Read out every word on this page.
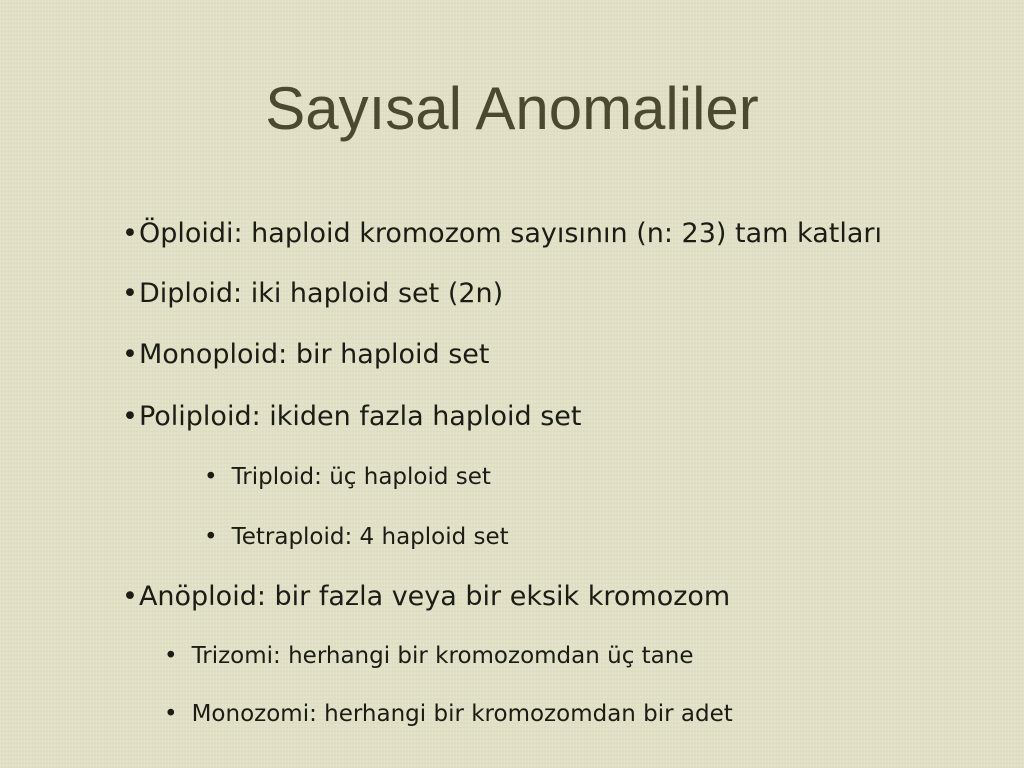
Sayısal Anomaliler
• Öploidi: haploid kromozom sayısının (n: 23) tam katları
• Diploid: iki haploid set (2n)
• Monoploid: bir haploid set
• Poliploid: ikiden fazla haploid set
• Triploid: üç haploid set
• Tetraploid: 4 haploid set
• Anöploid: bir fazla veya bir eksik kromozom
• Trizomi: herhangi bir kromozomdan üç tane
• Monozomi: herhangi bir kromozomdan bir adet
